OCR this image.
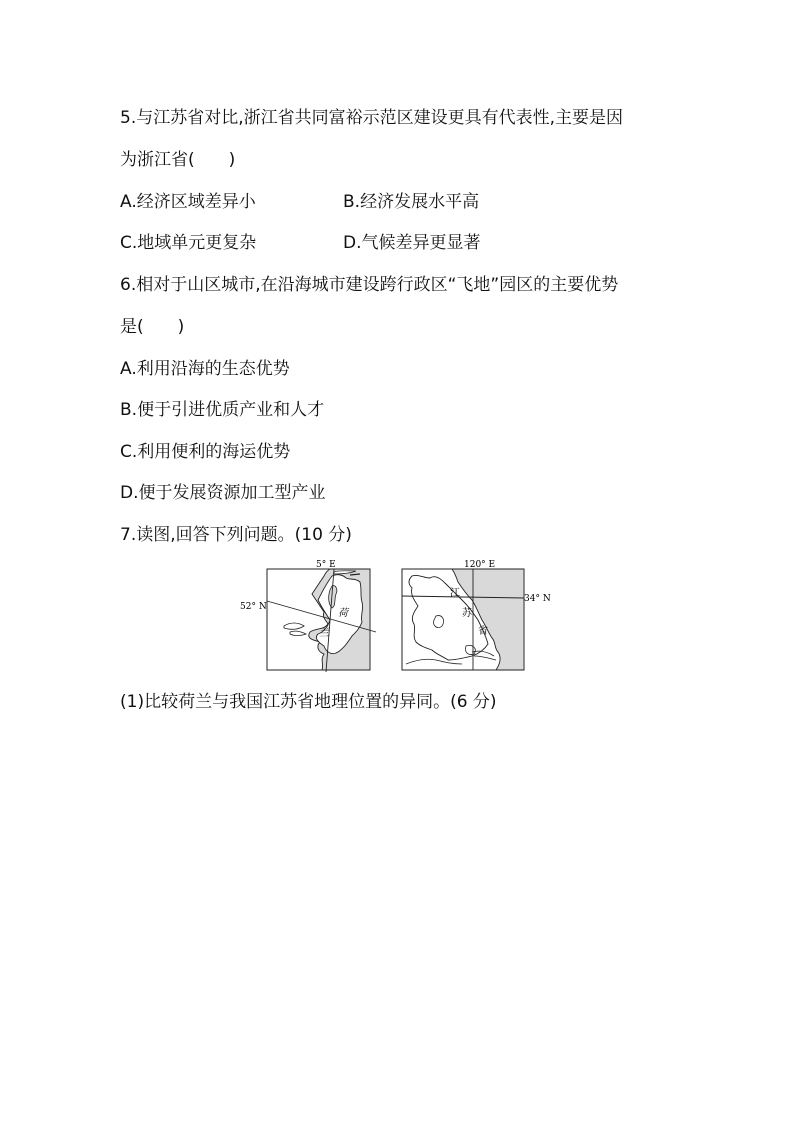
5.与江苏省对比,浙江省共同富裕示范区建设更具有代表性,主要是因
为浙江省(　　)
A.经济区域差异小	B.经济发展水平高
C.地域单元更复杂	D.气候差异更显著
6.相对于山区城市,在沿海城市建设跨行政区“飞地”园区的主要优势
是(　　)
A.利用沿海的生态优势
B.便于引进优质产业和人才
C.利用便利的海运优势
D.便于发展资源加工型产业
7.读图,回答下列问题。(10 分)
5° E
52° N
荷
兰
120° E
34° N
江
苏
省
(1)比较荷兰与我国江苏省地理位置的异同。(6 分)
